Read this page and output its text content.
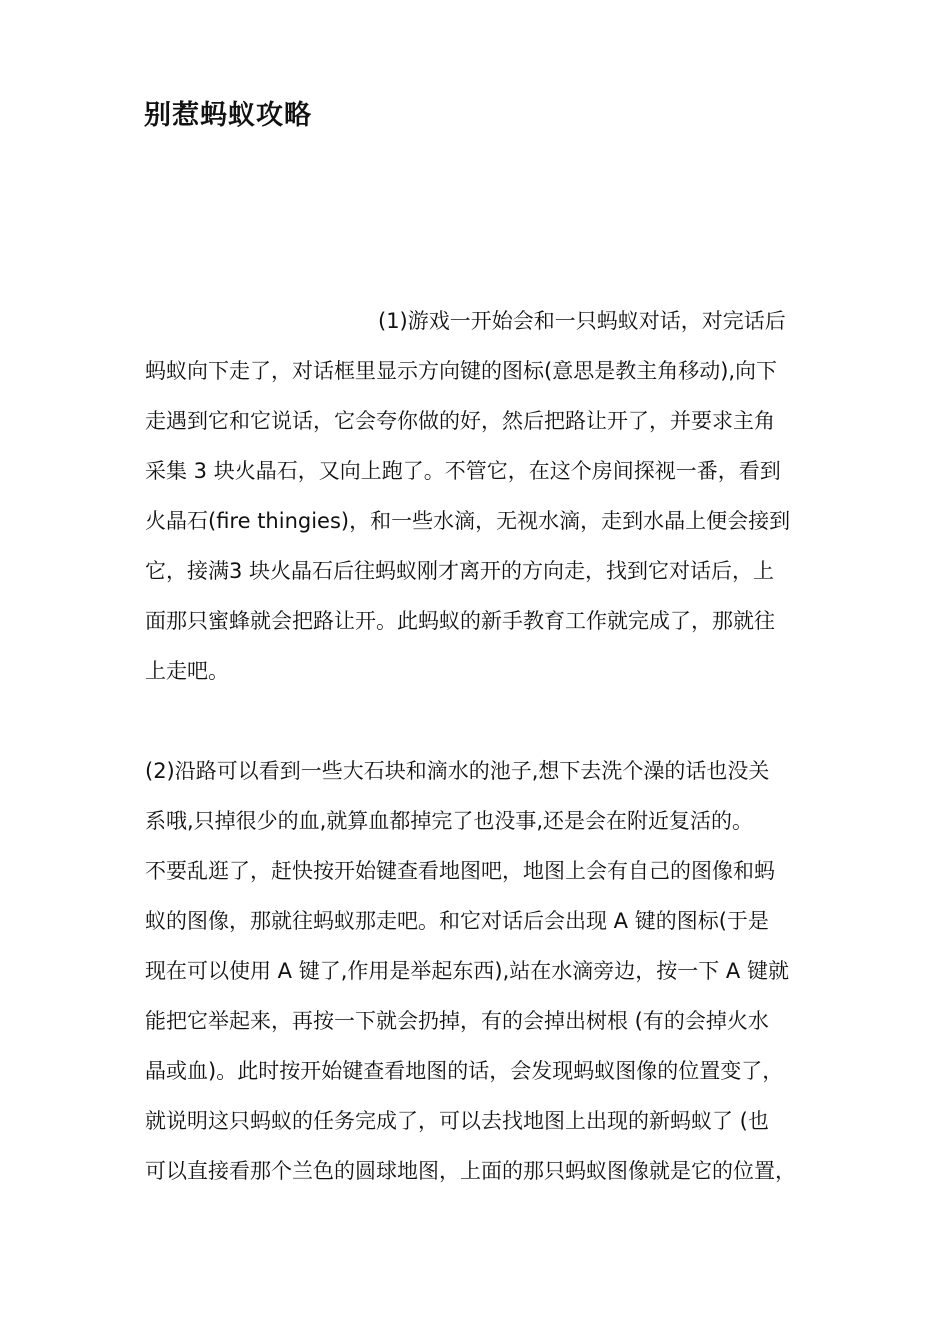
别惹蚂蚁攻略

(1)游戏一开始会和一只蚂蚁对话，对完话后

蚂蚁向下走了，对话框里显示方向键的图标(意思是教主角移动),向下

走遇到它和它说话，它会夸你做的好，然后把路让开了，并要求主角

采集 3 块火晶石，又向上跑了。不管它，在这个房间探视一番，看到

火晶石(fire thingies)，和一些水滴，无视水滴，走到水晶上便会接到

它，接满3 块火晶石后往蚂蚁刚才离开的方向走，找到它对话后，上

面那只蜜蜂就会把路让开。此蚂蚁的新手教育工作就完成了，那就往

上走吧。

(2)沿路可以看到一些大石块和滴水的池子,想下去洗个澡的话也没关

系哦,只掉很少的血,就算血都掉完了也没事,还是会在附近复活的。

不要乱逛了，赶快按开始键查看地图吧，地图上会有自己的图像和蚂

蚁的图像，那就往蚂蚁那走吧。和它对话后会出现 A 键的图标(于是

现在可以使用 A 键了,作用是举起东西),站在水滴旁边，按一下 A 键就

能把它举起来，再按一下就会扔掉，有的会掉出树根 (有的会掉火水

晶或血)。此时按开始键查看地图的话，会发现蚂蚁图像的位置变了，

就说明这只蚂蚁的任务完成了，可以去找地图上出现的新蚂蚁了 (也

可以直接看那个兰色的圆球地图，上面的那只蚂蚁图像就是它的位置，
